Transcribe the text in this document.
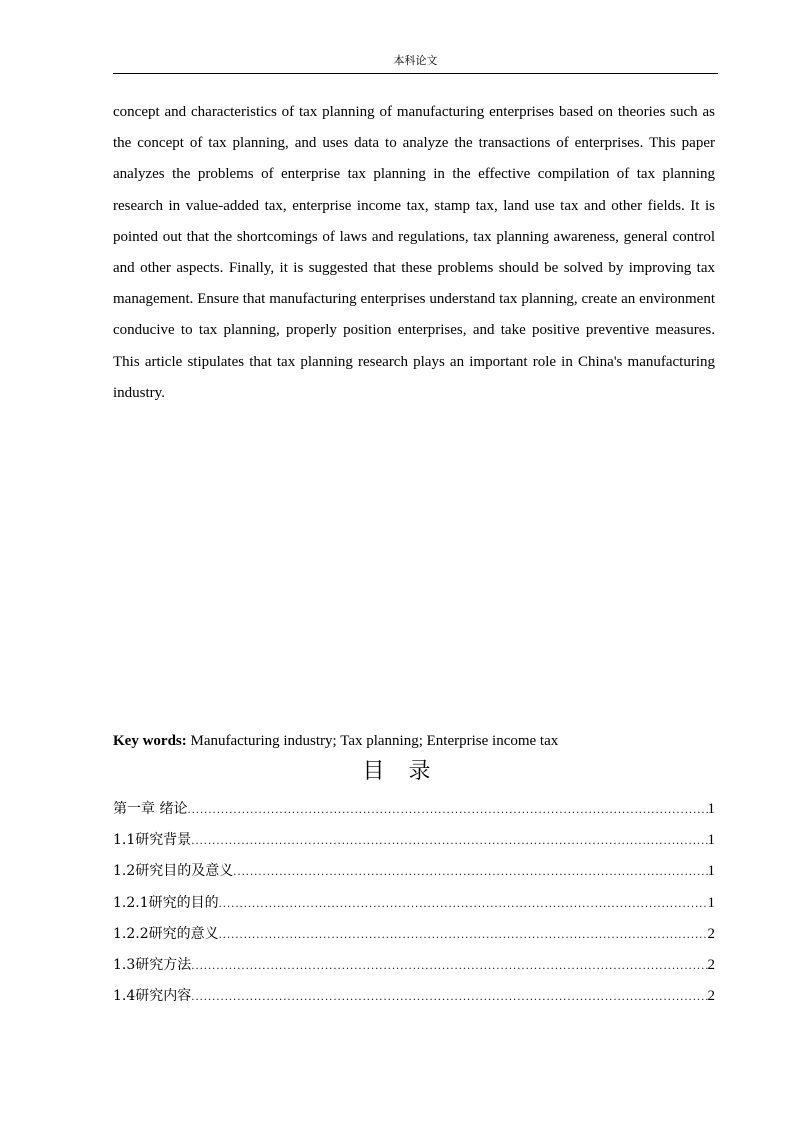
本科论文

concept and characteristics of tax planning of manufacturing enterprises based on theories such as the concept of tax planning, and uses data to analyze the transactions of enterprises. This paper analyzes the problems of enterprise tax planning in the effective compilation of tax planning research in value-added tax, enterprise income tax, stamp tax, land use tax and other fields. It is pointed out that the shortcomings of laws and regulations, tax planning awareness, general control and other aspects. Finally, it is suggested that these problems should be solved by improving tax management. Ensure that manufacturing enterprises understand tax planning, create an environment conducive to tax planning, properly position enterprises, and take positive preventive measures. This article stipulates that tax planning research plays an important role in China's manufacturing industry.

Key words: Manufacturing industry; Tax planning; Enterprise income tax

目录
第一章 绪论 .....	1
1.1研究背景 .....	1
1.2研究目的及意义 .....	1
1.2.1研究的目的 .....	1
1.2.2研究的意义 .....	2
1.3研究方法 .....	2
1.4研究内容 .....	2
